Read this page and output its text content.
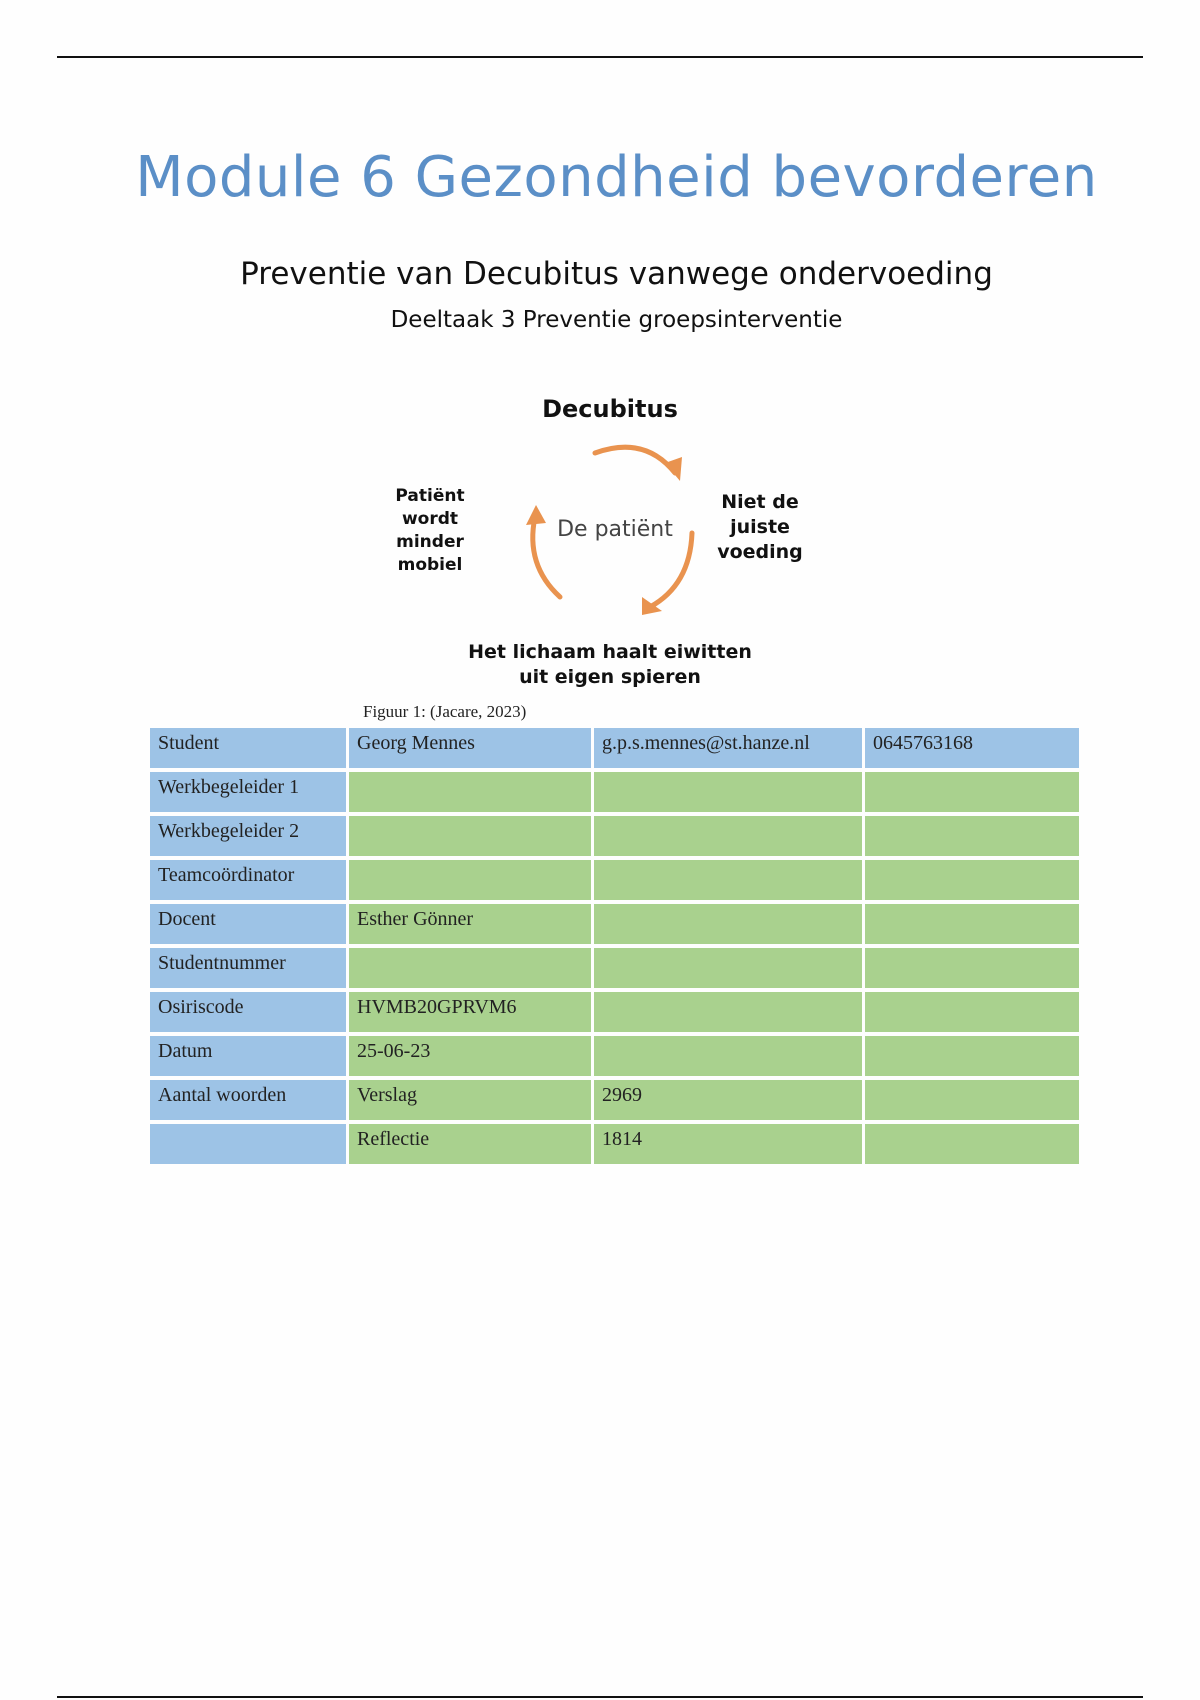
Module 6 Gezondheid bevorderen
Preventie van Decubitus vanwege ondervoeding
Deeltaak 3 Preventie groepsinterventie
Decubitus
De patiënt
Niet de
juiste
voeding
Het lichaam haalt eiwitten
uit eigen spieren
Patiënt
wordt
minder
mobiel
Figuur 1: (Jacare, 2023)
Student	Georg Mennes	g.p.s.mennes@st.hanze.nl	0645763168
Werkbegeleider 1			
Werkbegeleider 2			
Teamcoördinator			
Docent	Esther Gönner		
Studentnummer			
Osiriscode	HVMB20GPRVM6		
Datum	25-06-23		
Aantal woorden	Verslag	2969	
	Reflectie	1814	
